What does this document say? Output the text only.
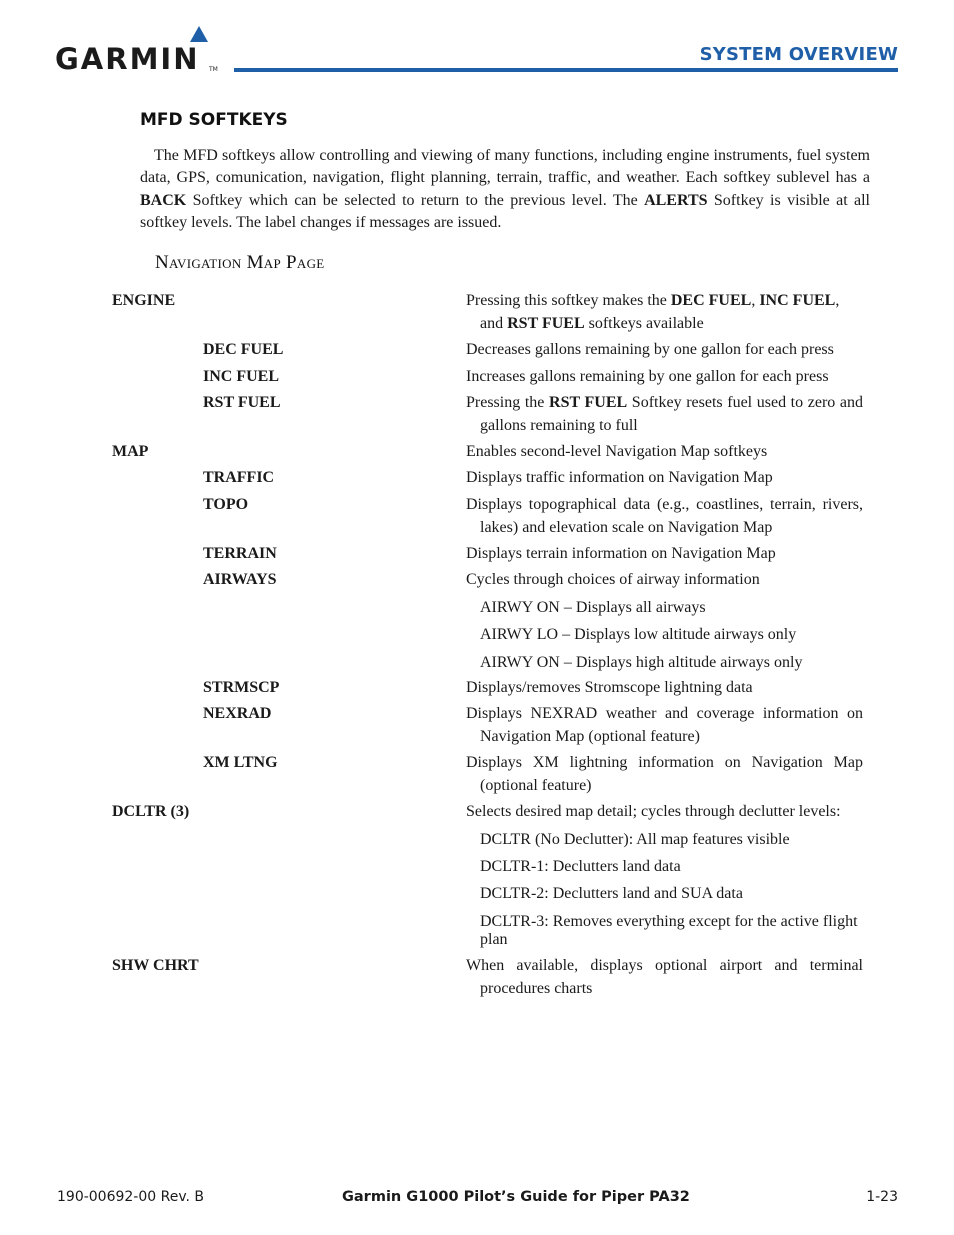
GARMIN TM
SYSTEM OVERVIEW
MFD SOFTKEYS

The MFD softkeys allow controlling and viewing of many functions, including engine instruments, fuel system data, GPS, comunication, navigation, flight planning, terrain, traffic, and weather. Each softkey sublevel has a BACK Softkey which can be selected to return to the previous level. The ALERTS Softkey is visible at all softkey levels. The label changes if messages are issued.

Navigation Map Page
ENGINE	Pressing this softkey makes the DEC FUEL, INC FUEL, and RST FUEL softkeys available
DEC FUEL	Decreases gallons remaining by one gallon for each press
INC FUEL	Increases gallons remaining by one gallon for each press
RST FUEL	Pressing the RST FUEL Softkey resets fuel used to zero and gallons remaining to full
MAP	Enables second-level Navigation Map softkeys
TRAFFIC	Displays traffic information on Navigation Map
TOPO	Displays topographical data (e.g., coastlines, terrain, rivers, lakes) and elevation scale on Navigation Map
TERRAIN	Displays terrain information on Navigation Map
AIRWAYS	Cycles through choices of airway information
AIRWY ON – Displays all airways
AIRWY LO – Displays low altitude airways only
AIRWY ON – Displays high altitude airways only
STRMSCP	Displays/removes Stromscope lightning data
NEXRAD	Displays NEXRAD weather and coverage information on Navigation Map (optional feature)
XM LTNG	Displays XM lightning information on Navigation Map (optional feature)
DCLTR (3)	Selects desired map detail; cycles through declutter levels:
DCLTR (No Declutter): All map features visible
DCLTR-1: Declutters land data
DCLTR-2: Declutters land and SUA data
DCLTR-3: Removes everything except for the active flight plan
SHW CHRT	When available, displays optional airport and terminal procedures charts
190-00692-00 Rev. B	Garmin G1000 Pilot’s Guide for Piper PA32	1-23
